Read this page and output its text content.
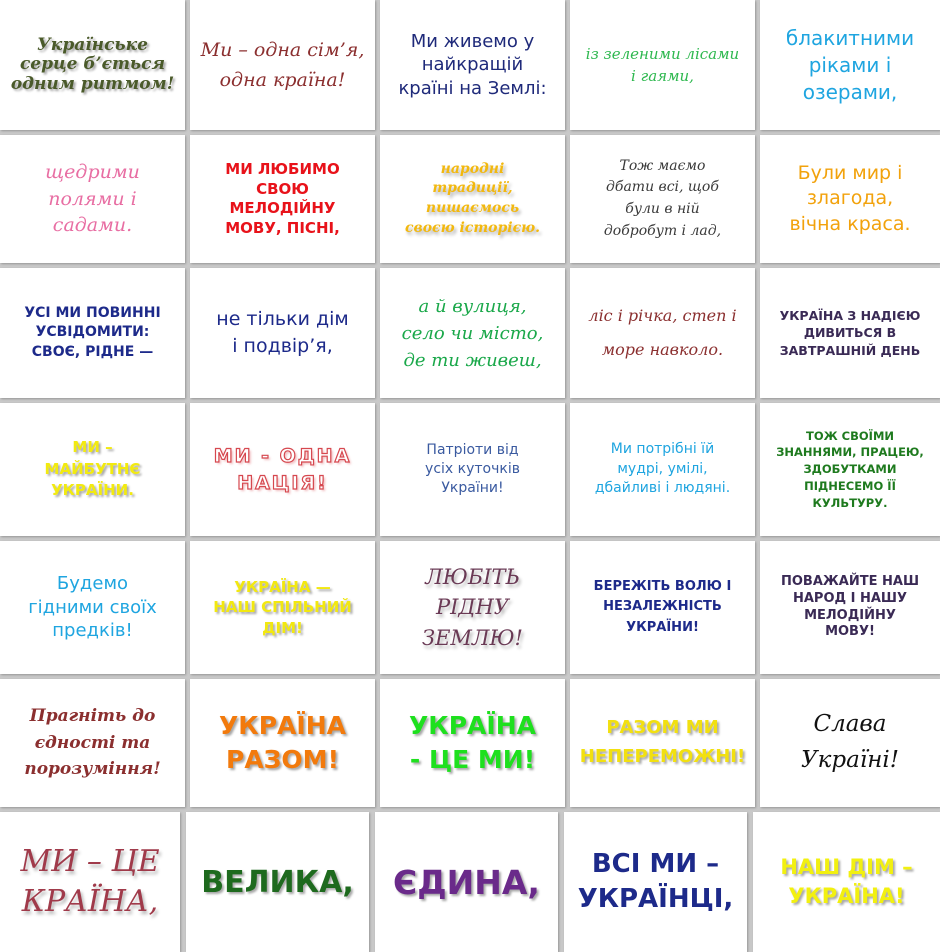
Українське
серце б’ється
одним ритмом!
Ми – одна сім’я,
одна країна!
Ми живемо у
найкращій
країні на Землі:
із зеленими лісами
і гаями,
блакитними
ріками і
озерами,
щедрими
полями і
садами.
МИ ЛЮБИМО
СВОЮ
МЕЛОДІЙНУ
МОВУ, ПІСНІ,
народні
традиції,
пишаємось
своєю історією.
Тож маємо
дбати всі, щоб
були в ній
добробут і лад,
Були мир і
злагода,
вічна краса.
УСІ МИ ПОВИННІ
УСВІДОМИТИ:
СВОЄ, РІДНЕ —
не тільки дім
і подвір’я,
а й вулиця,
село чи місто,
де ти живеш,
ліс і річка, степ і
море навколо.
УКРАЇНА З НАДІЄЮ
ДИВИТЬСЯ В
ЗАВТРАШНІЙ ДЕНЬ
МИ –
МАЙБУТНЄ
УКРАЇНИ.
МИ - ОДНА
НАЦІЯ!
Патріоти від
усіх куточків
України!
Ми потрібні їй
мудрі, умілі,
дбайливі і людяні.
ТОЖ СВОЇМИ
ЗНАННЯМИ, ПРАЦЕЮ,
ЗДОБУТКАМИ
ПІДНЕСЕМО ЇЇ
КУЛЬТУРУ.
Будемо
гідними своїх
предків!
УКРАЇНА —
НАШ СПІЛЬНИЙ
ДІМ!
ЛЮБІТЬ
РІДНУ
ЗЕМЛЮ!
БЕРЕЖІТЬ ВОЛЮ І
НЕЗАЛЕЖНІСТЬ
УКРАЇНИ!
ПОВАЖАЙТЕ НАШ
НАРОД І НАШУ
МЕЛОДІЙНУ
МОВУ!
Прагніть до
єдності та
порозуміння!
УКРАЇНА
РАЗОМ!
УКРАЇНА
- ЦЕ МИ!
РАЗОМ МИ
НЕПЕРЕМОЖНІ!
Слава
Україні!
МИ – ЦЕ
КРАЇНА,
ВЕЛИКА, ЄДИНА,	ВСІ МИ –
УКРАЇНЦІ,
НАШ ДІМ –
УКРАЇНА!
